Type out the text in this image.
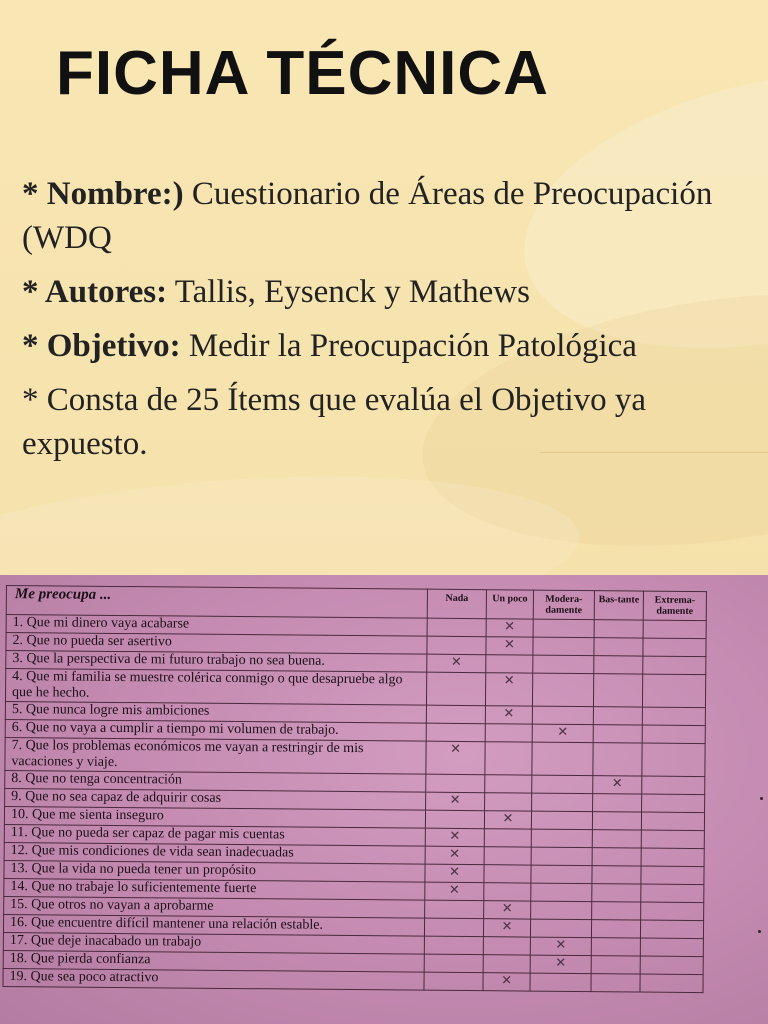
FICHA TÉCNICA

* Nombre:) Cuestionario de Áreas de Preocupación (WDQ

* Autores: Tallis, Eysenck y Mathews

* Objetivo: Medir la Preocupación Patológica

* Consta de 25 Ítems que evalúa el Objetivo ya expuesto.

Me preocupa ...	Nada	Un poco	Modera-damente	Bas-tante	Extrema-damente
1. Que mi dinero vaya acabarse		✕			
2. Que no pueda ser asertivo		✕			
3. Que la perspectiva de mi futuro trabajo no sea buena.	✕				
4. Que mi familia se muestre colérica conmigo o que desapruebe algo que he hecho.		✕			
5. Que nunca logre mis ambiciones		✕			
6. Que no vaya a cumplir a tiempo mi volumen de trabajo.			✕		
7. Que los problemas económicos me vayan a restringir de mis vacaciones y viaje.	✕				
8. Que no tenga concentración				✕	
9. Que no sea capaz de adquirir cosas	✕				
10. Que me sienta inseguro		✕			
11. Que no pueda ser capaz de pagar mis cuentas	✕				
12. Que mis condiciones de vida sean inadecuadas	✕				
13. Que la vida no pueda tener un propósito	✕				
14. Que no trabaje lo suficientemente fuerte	✕				
15. Que otros no vayan a aprobarme		✕			
16. Que encuentre difícil mantener una relación estable.		✕			
17. Que deje inacabado un trabajo			✕		
18. Que pierda confianza			✕		
19. Que sea poco atractivo		✕			
